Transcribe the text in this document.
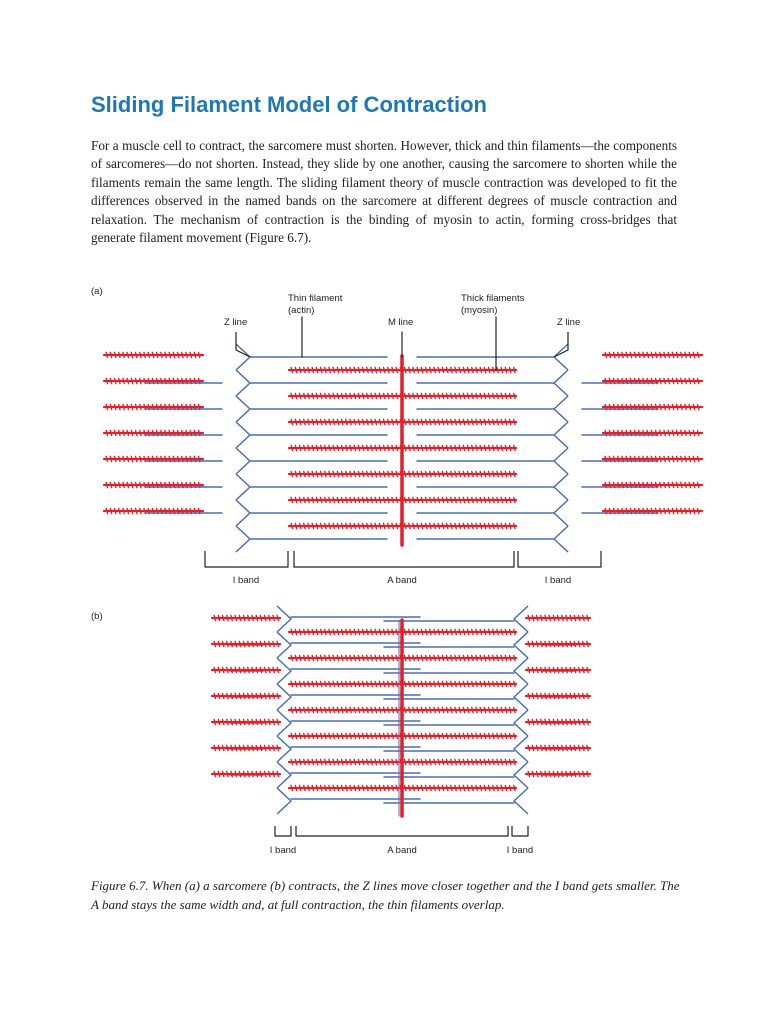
Sliding Filament Model of Contraction

For a muscle cell to contract, the sarcomere must shorten. However, thick and thin filaments—the components of sarcomeres—do not shorten. Instead, they slide by one another, causing the sarcomere to shorten while the filaments remain the same length. The sliding filament theory of muscle contraction was developed to fit the differences observed in the named bands on the sarcomere at different degrees of muscle contraction and relaxation. The mechanism of contraction is the binding of myosin to actin, forming cross-bridges that generate filament movement (Figure 6.7).

(a)
Thin filament
(actin)
Thick filaments
(myosin)
Z line	M line	Z line
I band	A band	I band
(b)
I band	A band	I band

Figure 6.7. When (a) a sarcomere (b) contracts, the Z lines move closer together and the I band gets smaller. The A band stays the same width and, at full contraction, the thin filaments overlap.
